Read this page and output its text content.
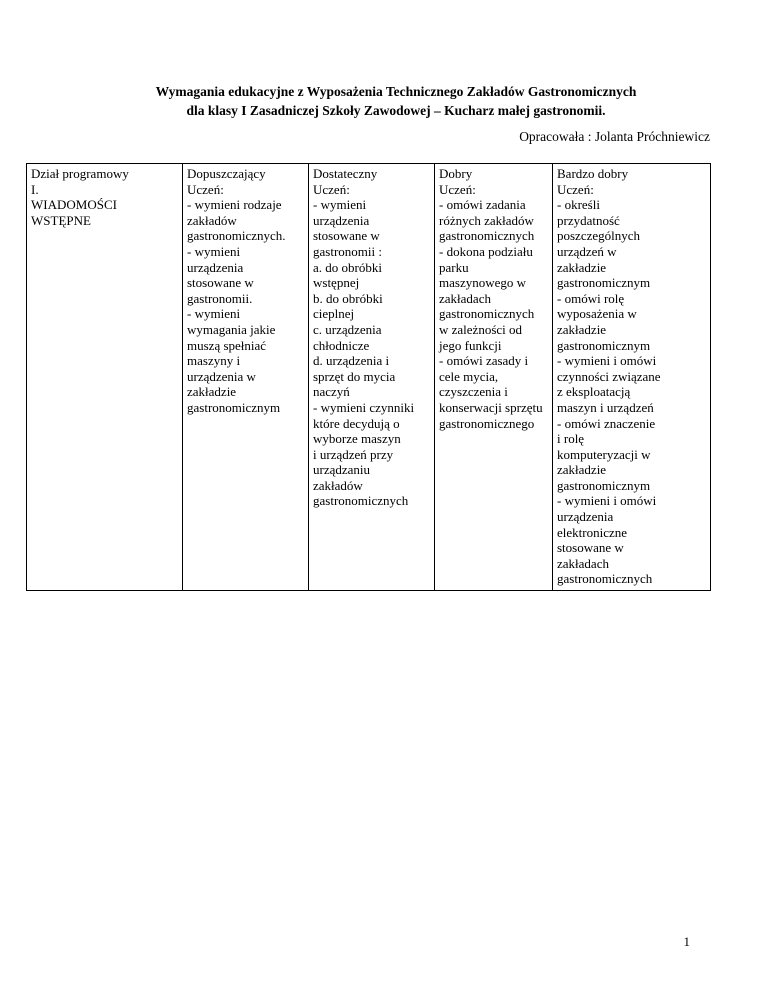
Wymagania edukacyjne z Wyposażenia Technicznego Zakładów Gastronomicznych
dla klasy I Zasadniczej Szkoły Zawodowej – Kucharz małej gastronomii.
Opracowała : Jolanta Próchniewicz
Dział programowy
I.
WIADOMOŚCI
WSTĘPNE	Dopuszczający
Uczeń:
- wymieni rodzaje
zakładów
gastronomicznych.
- wymieni
urządzenia
stosowane w
gastronomii.
- wymieni
wymagania jakie
muszą spełniać
maszyny i
urządzenia w
zakładzie
gastronomicznym	Dostateczny
Uczeń:
- wymieni
urządzenia
stosowane w
gastronomii :
a. do obróbki
wstępnej
b. do obróbki
cieplnej
c. urządzenia
chłodnicze
d. urządzenia i
sprzęt do mycia
naczyń
- wymieni czynniki
które decydują o
wyborze maszyn
i urządzeń przy
urządzaniu
zakładów
gastronomicznych	Dobry
Uczeń:
- omówi zadania
różnych zakładów
gastronomicznych
- dokona podziału
parku
maszynowego w
zakładach
gastronomicznych
w zależności od
jego funkcji
- omówi zasady i
cele mycia,
czyszczenia i
konserwacji sprzętu
gastronomicznego	Bardzo dobry
Uczeń:
- określi
przydatność
poszczególnych
urządzeń w
zakładzie
gastronomicznym
- omówi rolę
wyposażenia w
zakładzie
gastronomicznym
- wymieni i omówi
czynności związane
z eksploatacją
maszyn i urządzeń
- omówi znaczenie
i rolę
komputeryzacji w
zakładzie
gastronomicznym
- wymieni i omówi
urządzenia
elektroniczne
stosowane w
zakładach
gastronomicznych
1
